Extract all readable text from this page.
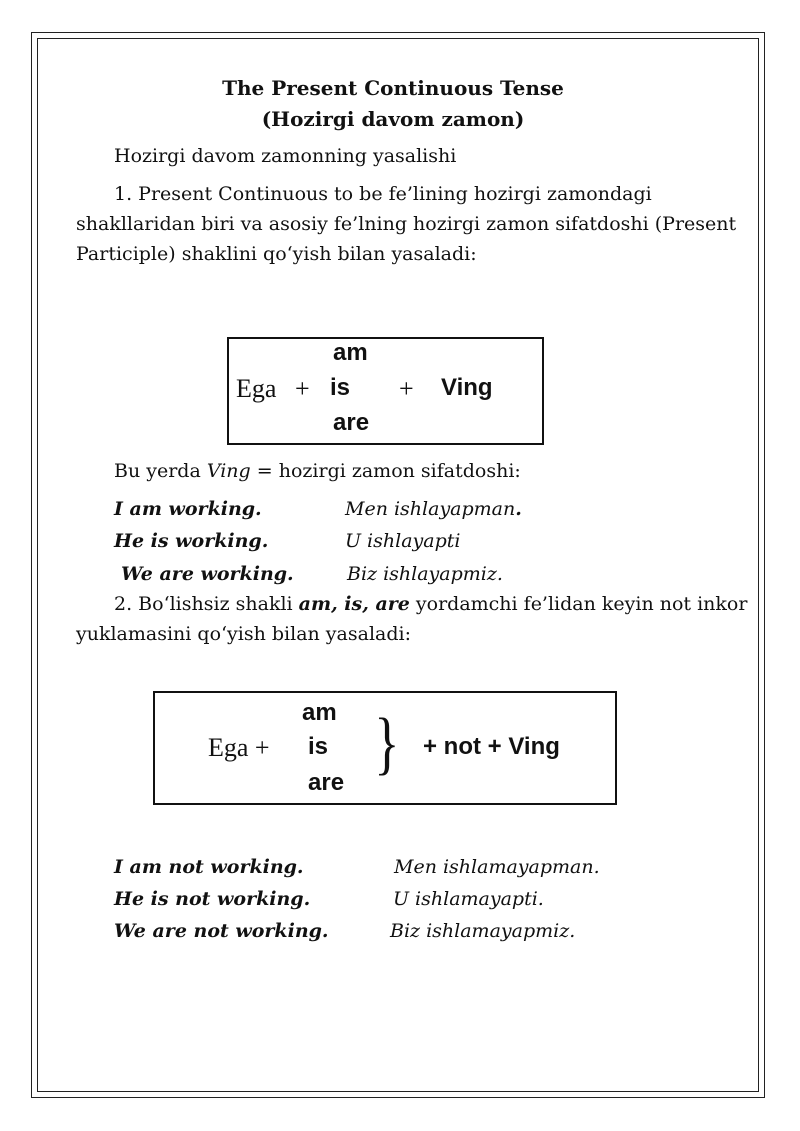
The Present Continuous Tense
(Hozirgi davom zamon)
Hozirgi davom zamonning yasalishi
1. Present Continuous to be fe’lining hozirgi zamondagi
shakllaridan biri va asosiy fe’lning hozirgi zamon sifatdoshi (Present
Participle) shaklini qo‘yish bilan yasaladi:
Ega +
am
is
are
+ Ving
Bu yerda Ving = hozirgi zamon sifatdoshi:
I am working.	Men ishlayapman.
He is working.	U ishlayapti
We are working.	Biz ishlayapmiz.
2. Bo‘lishsiz shakli am, is, are yordamchi fe’lidan keyin not inkor
yuklamasini qo‘yish bilan yasaladi:
Ega +
am
is
are
} + not + Ving
I am not working.	Men ishlamayapman.
He is not working.	U ishlamayapti.
We are not working.	Biz ishlamayapmiz.
